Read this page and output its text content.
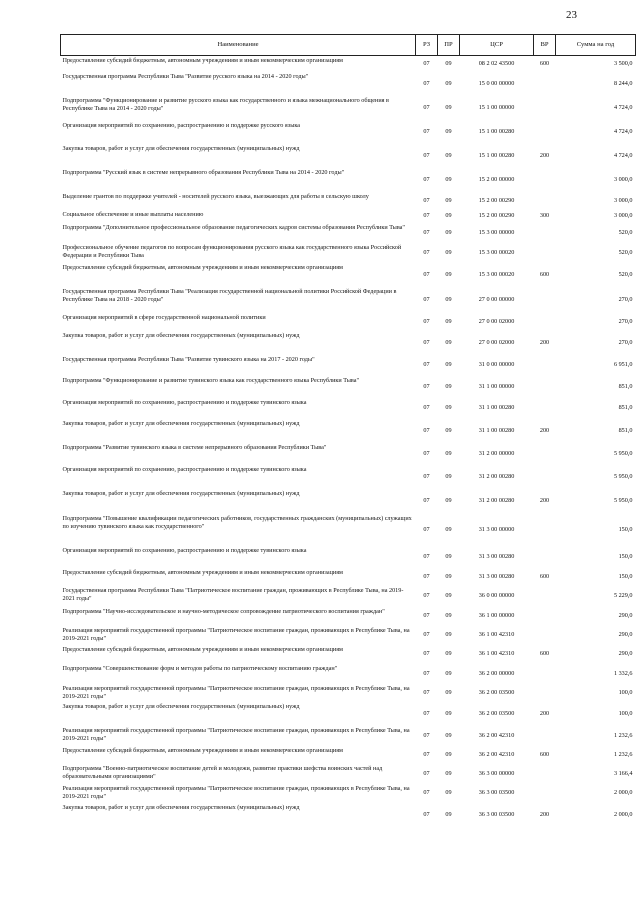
23
Наименование	РЗ	ПР	ЦСР	ВР	Сумма на год
Предоставление субсидий бюджетным, автономным учреждениям и иным некоммерческим организациям	07	09	08 2 02 43500	600	3 500,0
Государственная программа Республики Тыва "Развитие русского языка на 2014 - 2020 годы"	07	09	15 0 00 00000		8 244,0
Подпрограмма "Функционирование и развитие русского языка как государственного и языка межнационального общения в Республике Тыва на 2014 - 2020 годы"	07	09	15 1 00 00000		4 724,0
Организация мероприятий по сохранению, распространению и поддержке русского языка	07	09	15 1 00 00280		4 724,0
Закупка товаров, работ и услуг для обеспечения государственных (муниципальных) нужд	07	09	15 1 00 00280	200	4 724,0
Подпрограмма "Русский язык в системе непрерывного образования Республики Тыва на 2014 - 2020 годы"	07	09	15 2 00 00000		3 000,0
Выделение грантов по поддержке учителей - носителей русского языка, выезжающих для работы в сельскую школу	07	09	15 2 00 00290		3 000,0
Социальное обеспечение и иные выплаты населению	07	09	15 2 00 00290	300	3 000,0
Подпрограмма "Дополнительное профессиональное образование педагогических кадров системы образования Республики Тыва"	07	09	15 3 00 00000		520,0
Профессиональное обучение педагогов по вопросам функционирования русского языка как государственного языка Российской Федерации и Республики Тыва	07	09	15 3 00 00020		520,0
Предоставление субсидий бюджетным, автономным учреждениям и иным некоммерческим организациям	07	09	15 3 00 00020	600	520,0
Государственная программа Республики Тыва "Реализация государственной национальной политики Российской Федерации в Республике Тыва на 2018 - 2020 годы"	07	09	27 0 00 00000		270,0
Организация мероприятий в сфере государственной национальной политики	07	09	27 0 00 02000		270,0
Закупка товаров, работ и услуг для обеспечения государственных (муниципальных) нужд	07	09	27 0 00 02000	200	270,0
Государственная программа Республики Тыва "Развитие тувинского языка на 2017 - 2020 годы"	07	09	31 0 00 00000		6 951,0
Подпрограмма "Функционирование и развитие тувинского языка как государственного языка Республики Тыва"	07	09	31 1 00 00000		851,0
Организация мероприятий по сохранению, распространению и поддержке тувинского языка	07	09	31 1 00 00280		851,0
Закупка товаров, работ и услуг для обеспечения государственных (муниципальных) нужд	07	09	31 1 00 00280	200	851,0
Подпрограмма "Развитие тувинского языка в системе непрерывного образования Республики Тыва"	07	09	31 2 00 00000		5 950,0
Организация мероприятий по сохранению, распространению и поддержке тувинского языка	07	09	31 2 00 00280		5 950,0
Закупка товаров, работ и услуг для обеспечения государственных (муниципальных) нужд	07	09	31 2 00 00280	200	5 950,0
Подпрограмма "Повышение квалификации педагогических работников, государственных гражданских (муниципальных) служащих по изучению тувинского языка как государственного"	07	09	31 3 00 00000		150,0
Организация мероприятий по сохранению, распространению и поддержке тувинского языка	07	09	31 3 00 00280		150,0
Предоставление субсидий бюджетным, автономным учреждениям и иным некоммерческим организациям	07	09	31 3 00 00280	600	150,0
Государственная программа Республики Тыва "Патриотическое воспитание граждан, проживающих в Республике Тыва, на 2019-2021 годы"	07	09	36 0 00 00000		5 229,0
Подпрограмма "Научно-исследовательское и научно-методическое сопровождение патриотического воспитания граждан"	07	09	36 1 00 00000		290,0
Реализация мероприятий государственной программы "Патриотическое воспитание граждан, проживающих в Республике Тыва, на 2019-2021 годы"	07	09	36 1 00 42310		290,0
Предоставление субсидий бюджетным, автономным учреждениям и иным некоммерческим организациям	07	09	36 1 00 42310	600	290,0
Подпрограмма "Совершенствование форм и методов работы по патриотическому воспитанию граждан"	07	09	36 2 00 00000		1 332,6
Реализация мероприятий государственной программы "Патриотическое воспитание граждан, проживающих в Республике Тыва, на 2019-2021 годы"	07	09	36 2 00 03500		100,0
Закупка товаров, работ и услуг для обеспечения государственных (муниципальных) нужд	07	09	36 2 00 03500	200	100,0
Реализация мероприятий государственной программы "Патриотическое воспитание граждан, проживающих в Республике Тыва, на 2019-2021 годы"	07	09	36 2 00 42310		1 232,6
Предоставление субсидий бюджетным, автономным учреждениям и иным некоммерческим организациям	07	09	36 2 00 42310	600	1 232,6
Подпрограмма "Военно-патриотическое воспитание детей и молодежи, развитие практики шефства воинских частей над образовательными организациями"	07	09	36 3 00 00000		3 166,4
Реализация мероприятий государственной программы "Патриотическое воспитание граждан, проживающих в Республике Тыва, на 2019-2021 годы"	07	09	36 3 00 03500		2 000,0
Закупка товаров, работ и услуг для обеспечения государственных (муниципальных) нужд	07	09	36 3 00 03500	200	2 000,0
